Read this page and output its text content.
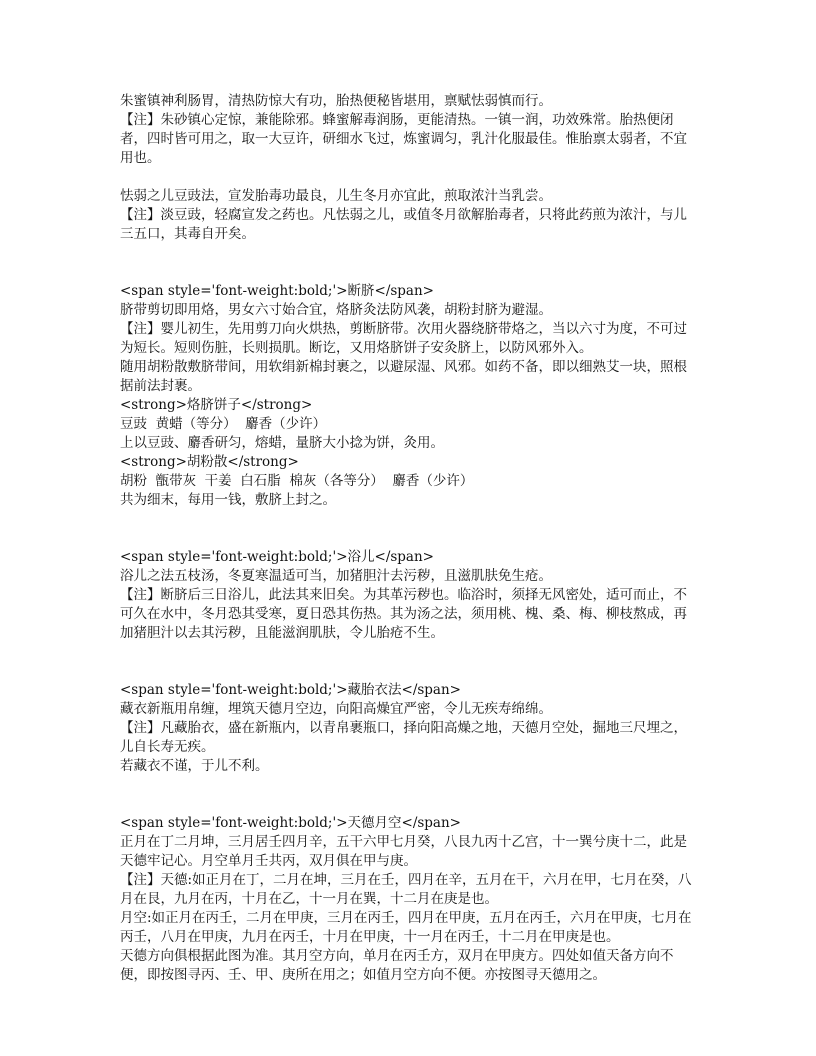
朱蜜镇神利肠胃，清热防惊大有功，胎热便秘皆堪用，禀赋怯弱慎而行。
【注】朱砂镇心定惊，兼能除邪。蜂蜜解毒润肠，更能清热。一镇一润，功效殊常。胎热便闭者，四时皆可用之，取一大豆许，研细水飞过，炼蜜调匀，乳汁化服最佳。惟胎禀太弱者，不宜用也。
怯弱之儿豆豉法，宣发胎毒功最良，儿生冬月亦宜此，煎取浓汁当乳尝。
【注】淡豆豉，轻腐宣发之药也。凡怯弱之儿，或值冬月欲解胎毒者，只将此药煎为浓汁，与儿三五口，其毒自开矣。
<span style='font-weight:bold;'>断脐</span>
脐带剪切即用烙，男女六寸始合宜，烙脐灸法防风袭，胡粉封脐为避湿。
【注】婴儿初生，先用剪刀向火烘热，剪断脐带。次用火器绕脐带烙之，当以六寸为度，不可过为短长。短则伤脏，长则损肌。断讫，又用烙脐饼子安灸脐上，以防风邪外入。
随用胡粉散敷脐带间，用软绢新棉封裹之，以避尿湿、风邪。如药不备，即以细熟艾一块，照根据前法封裹。
<strong>烙脐饼子</strong>
豆豉  黄蜡（等分）  麝香（少许）
上以豆豉、麝香研匀，熔蜡，量脐大小捻为饼，灸用。
<strong>胡粉散</strong>
胡粉  甑带灰  干姜  白石脂  棉灰（各等分）  麝香（少许）
共为细末，每用一钱，敷脐上封之。
<span style='font-weight:bold;'>浴儿</span>
浴儿之法五枝汤，冬夏寒温适可当，加猪胆汁去污秽，且滋肌肤免生疮。
【注】断脐后三日浴儿，此法其来旧矣。为其革污秽也。临浴时，须择无风密处，适可而止，不可久在水中，冬月恐其受寒，夏日恐其伤热。其为汤之法，须用桃、槐、桑、梅、柳枝熬成，再加猪胆汁以去其污秽，且能滋润肌肤，令儿胎疮不生。
<span style='font-weight:bold;'>藏胎衣法</span>
藏衣新瓶用帛缠，埋筑天德月空边，向阳高燥宜严密，令儿无疾寿绵绵。
【注】凡藏胎衣，盛在新瓶内，以青帛裹瓶口，择向阳高燥之地，天德月空处，掘地三尺埋之，儿自长寿无疾。
若藏衣不谨，于儿不利。
<span style='font-weight:bold;'>天德月空</span>
正月在丁二月坤，三月居壬四月辛，五干六甲七月癸，八艮九丙十乙宫，十一巽兮庚十二，此是天德牢记心。月空单月壬共丙，双月俱在甲与庚。
【注】天德:如正月在丁，二月在坤，三月在壬，四月在辛，五月在干，六月在甲，七月在癸，八月在艮，九月在丙，十月在乙，十一月在巽，十二月在庚是也。
月空:如正月在丙壬，二月在甲庚，三月在丙壬，四月在甲庚，五月在丙壬，六月在甲庚，七月在丙壬，八月在甲庚，九月在丙壬，十月在甲庚，十一月在丙壬，十二月在甲庚是也。
天德方向俱根据此图为准。其月空方向，单月在丙壬方，双月在甲庚方。四处如值天备方向不便，即按图寻丙、壬、甲、庚所在用之；如值月空方向不便。亦按图寻天德用之。
